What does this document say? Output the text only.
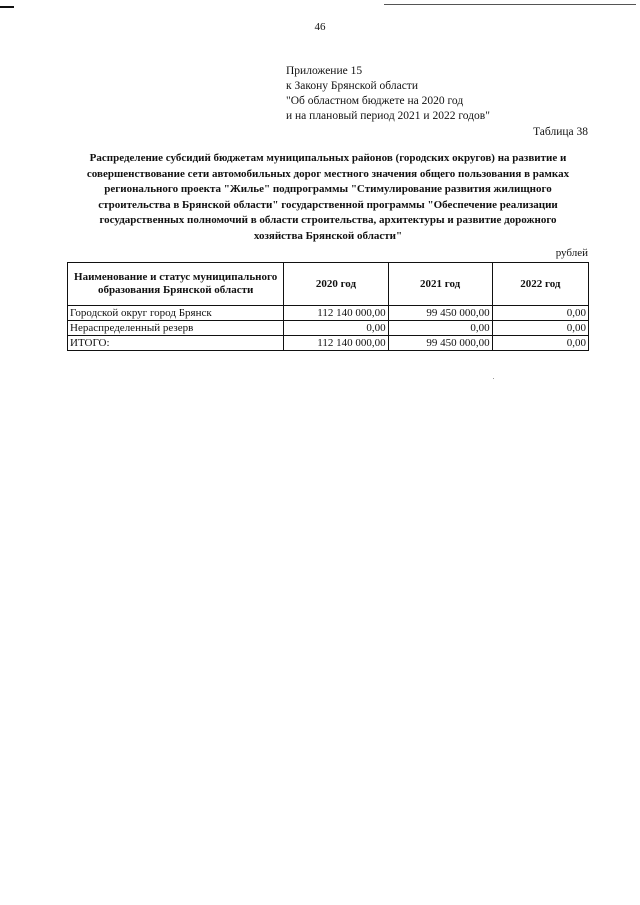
46
Приложение 15
к Закону Брянской области
"Об областном бюджете на 2020 год
и на плановый период 2021 и 2022 годов"
Таблица 38
Распределение субсидий бюджетам муниципальных районов (городских округов) на развитие и
совершенствование сети автомобильных дорог местного значения общего пользования в рамках
регионального проекта "Жилье" подпрограммы "Стимулирование развития жилищного
строительства в Брянской области" государственной программы "Обеспечение реализации
государственных полномочий в области строительства, архитектуры и развитие дорожного
хозяйства Брянской области"
рублей
Наименование и статус муниципального образования Брянской области	2020 год	2021 год	2022 год
Городской округ город Брянск	112 140 000,00	99 450 000,00	0,00
Нераспределенный резерв	0,00	0,00	0,00
ИТОГО:	112 140 000,00	99 450 000,00	0,00
